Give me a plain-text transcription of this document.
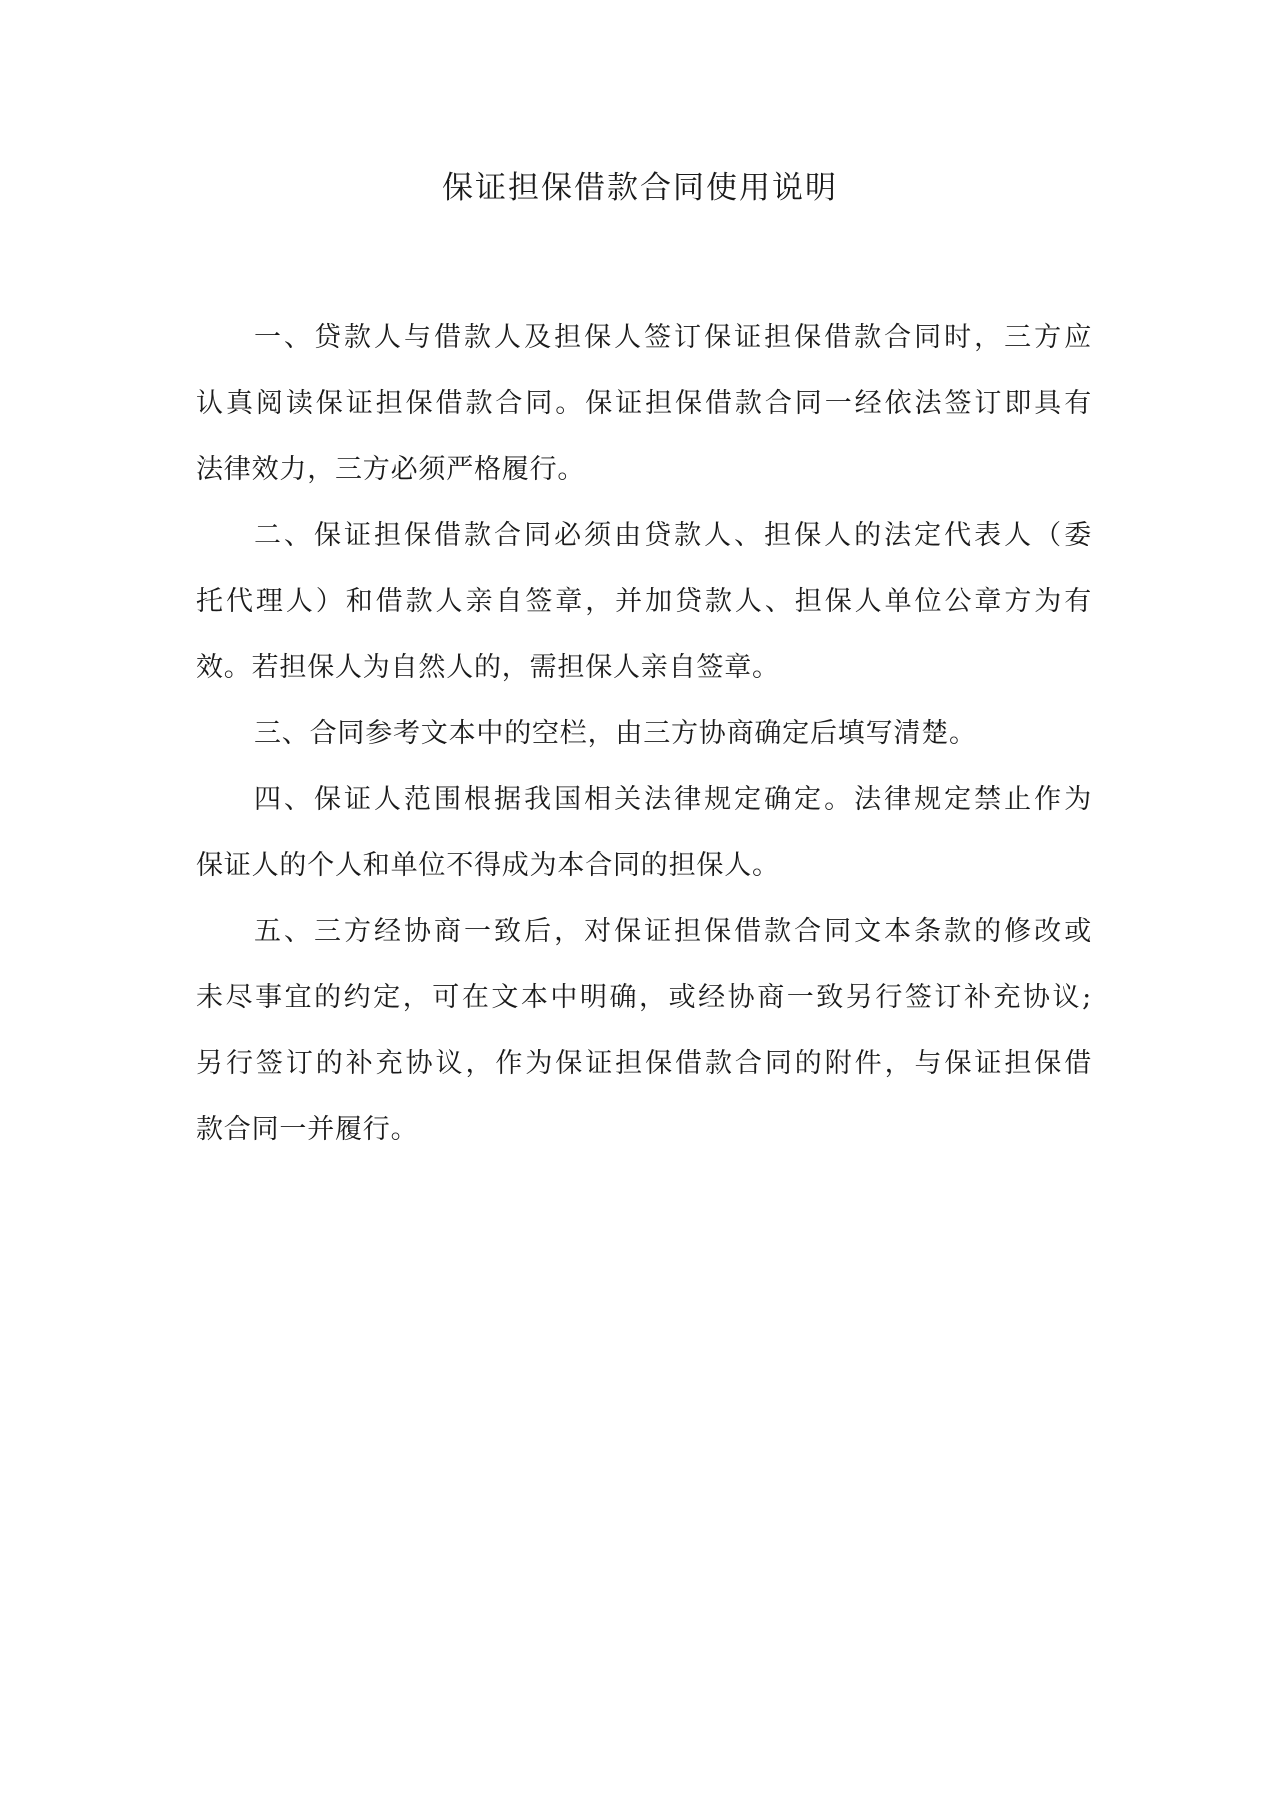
保证担保借款合同使用说明
一、贷款人与借款人及担保人签订保证担保借款合同时，三方应
认真阅读保证担保借款合同。保证担保借款合同一经依法签订即具有
法律效力，三方必须严格履行。
二、保证担保借款合同必须由贷款人、担保人的法定代表人（委
托代理人）和借款人亲自签章，并加贷款人、担保人单位公章方为有
效。若担保人为自然人的，需担保人亲自签章。
三、合同参考文本中的空栏，由三方协商确定后填写清楚。
四、保证人范围根据我国相关法律规定确定。法律规定禁止作为
保证人的个人和单位不得成为本合同的担保人。
五、三方经协商一致后，对保证担保借款合同文本条款的修改或
未尽事宜的约定，可在文本中明确，或经协商一致另行签订补充协议;
另行签订的补充协议，作为保证担保借款合同的附件，与保证担保借
款合同一并履行。
